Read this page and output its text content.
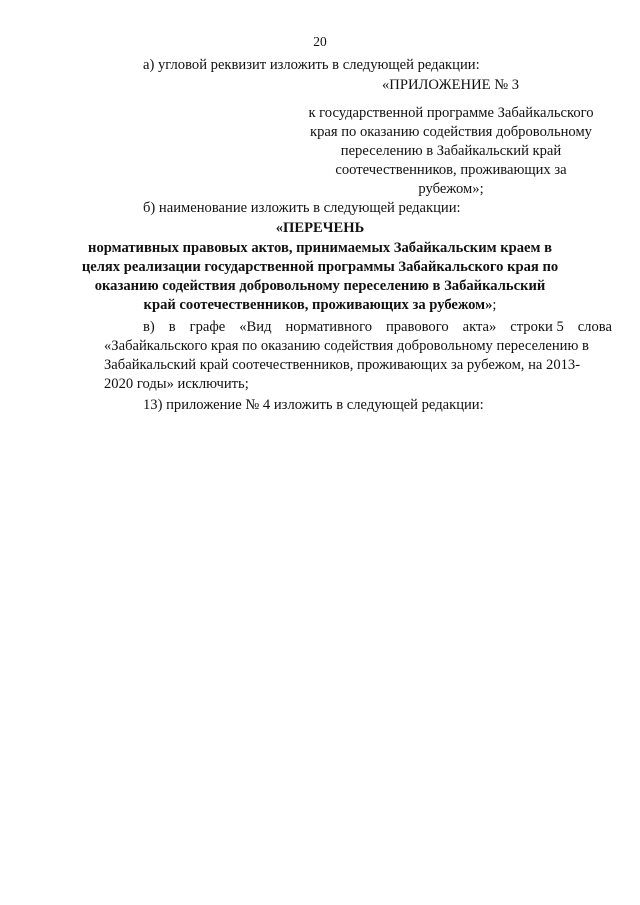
20
а) угловой реквизит изложить в следующей редакции:
«ПРИЛОЖЕНИЕ № 3
к государственной программе Забайкальского
края по оказанию содействия добровольному
переселению в Забайкальский край
соотечественников, проживающих за
рубежом»;
б) наименование изложить в следующей редакции:
«ПЕРЕЧЕНЬ
нормативных правовых актов, принимаемых Забайкальским краем в
целях реализации государственной программы Забайкальского края по
оказанию содействия добровольному переселению в Забайкальский
край соотечественников, проживающих за рубежом»;
в) в графе «Вид нормативного правового акта» строки 5 слова
«Забайкальского края по оказанию содействия добровольному переселению в
Забайкальский край соотечественников, проживающих за рубежом, на 2013-
2020 годы» исключить;
13) приложение № 4 изложить в следующей редакции:
